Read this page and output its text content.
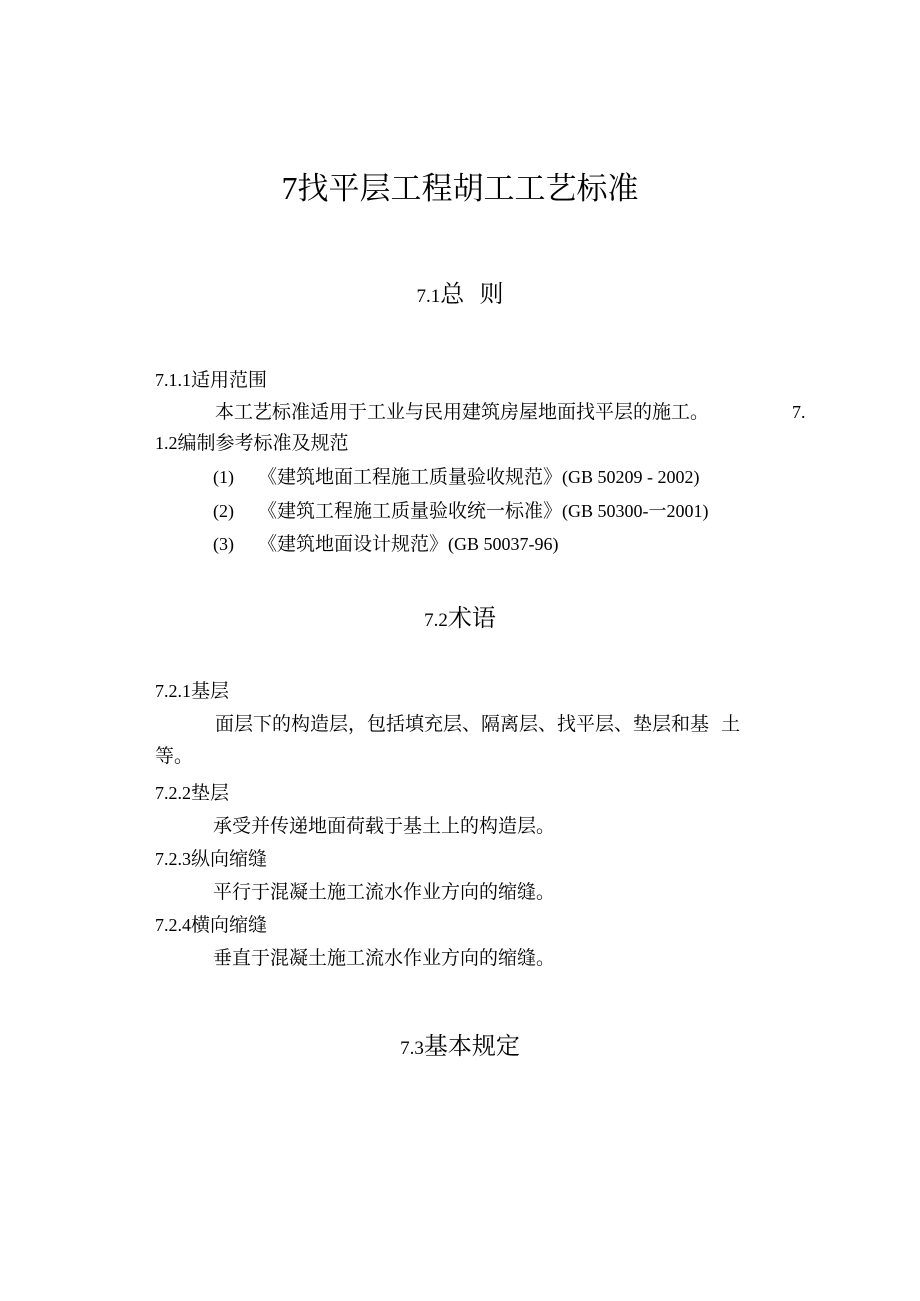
7找平层工程胡工工艺标准
7.1总  则
7.1.1适用范围
本工艺标准适用于工业与民用建筑房屋地面找平层的施工。	7.
1.2编制参考标准及规范
(1) 《建筑地面工程施工质量验收规范》(GB 50209 - 2002)
(2) 《建筑工程施工质量验收统一标准》(GB 50300-一2001)
(3) 《建筑地面设计规范》(GB 50037-96)
7.2术语
7.2.1基层
面层下的构造层，包括填充层、隔离层、找平层、垫层和基  土
等。
7.2.2垫层
承受并传递地面荷载于基土上的构造层。
7.2.3纵向缩缝
平行于混凝土施工流水作业方向的缩缝。
7.2.4横向缩缝
垂直于混凝土施工流水作业方向的缩缝。
7.3基本规定
